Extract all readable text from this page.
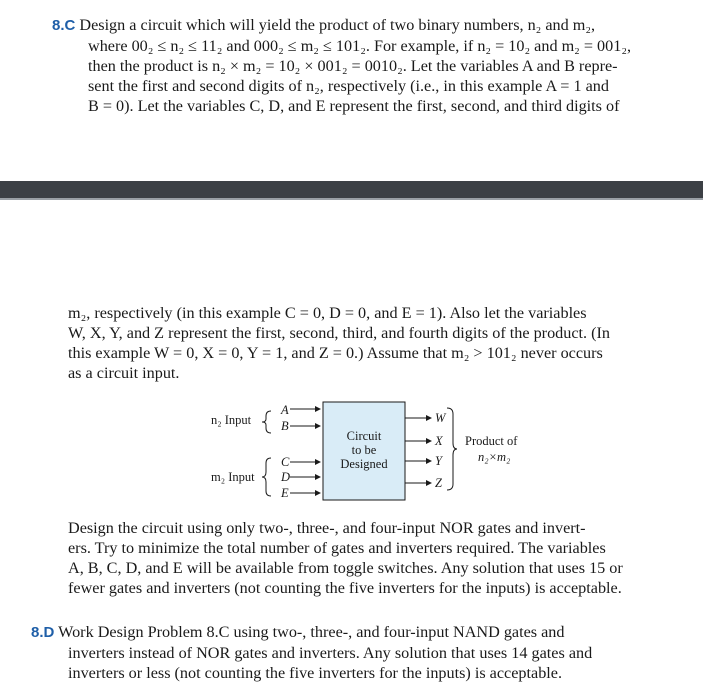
8.C Design a circuit which will yield the product of two binary numbers, n₂ and m₂,
where 00₂ ≤ n₂ ≤ 11₂ and 000₂ ≤ m₂ ≤ 101₂. For example, if n₂ = 10₂ and m₂ = 001₂,
then the product is n₂ × m₂ = 10₂ × 001₂ = 0010₂. Let the variables A and B repre-
sent the first and second digits of n₂, respectively (i.e., in this example A = 1 and
B = 0). Let the variables C, D, and E represent the first, second, and third digits of
m₂, respectively (in this example C = 0, D = 0, and E = 1). Also let the variables
W, X, Y, and Z represent the first, second, third, and fourth digits of the product. (In
this example W = 0, X = 0, Y = 1, and Z = 0.) Assume that m₂ > 101₂ never occurs
as a circuit input.
n₂ Input
m₂ Input
A
B
C
D
E
Circuit
to be
Designed
W
X
Y
Z
Product of
n₂×m₂
Design the circuit using only two-, three-, and four-input NOR gates and invert-
ers. Try to minimize the total number of gates and inverters required. The variables
A, B, C, D, and E will be available from toggle switches. Any solution that uses 15 or
fewer gates and inverters (not counting the five inverters for the inputs) is acceptable.
8.D Work Design Problem 8.C using two-, three-, and four-input NAND gates and
inverters instead of NOR gates and inverters. Any solution that uses 14 gates and
inverters or less (not counting the five inverters for the inputs) is acceptable.
